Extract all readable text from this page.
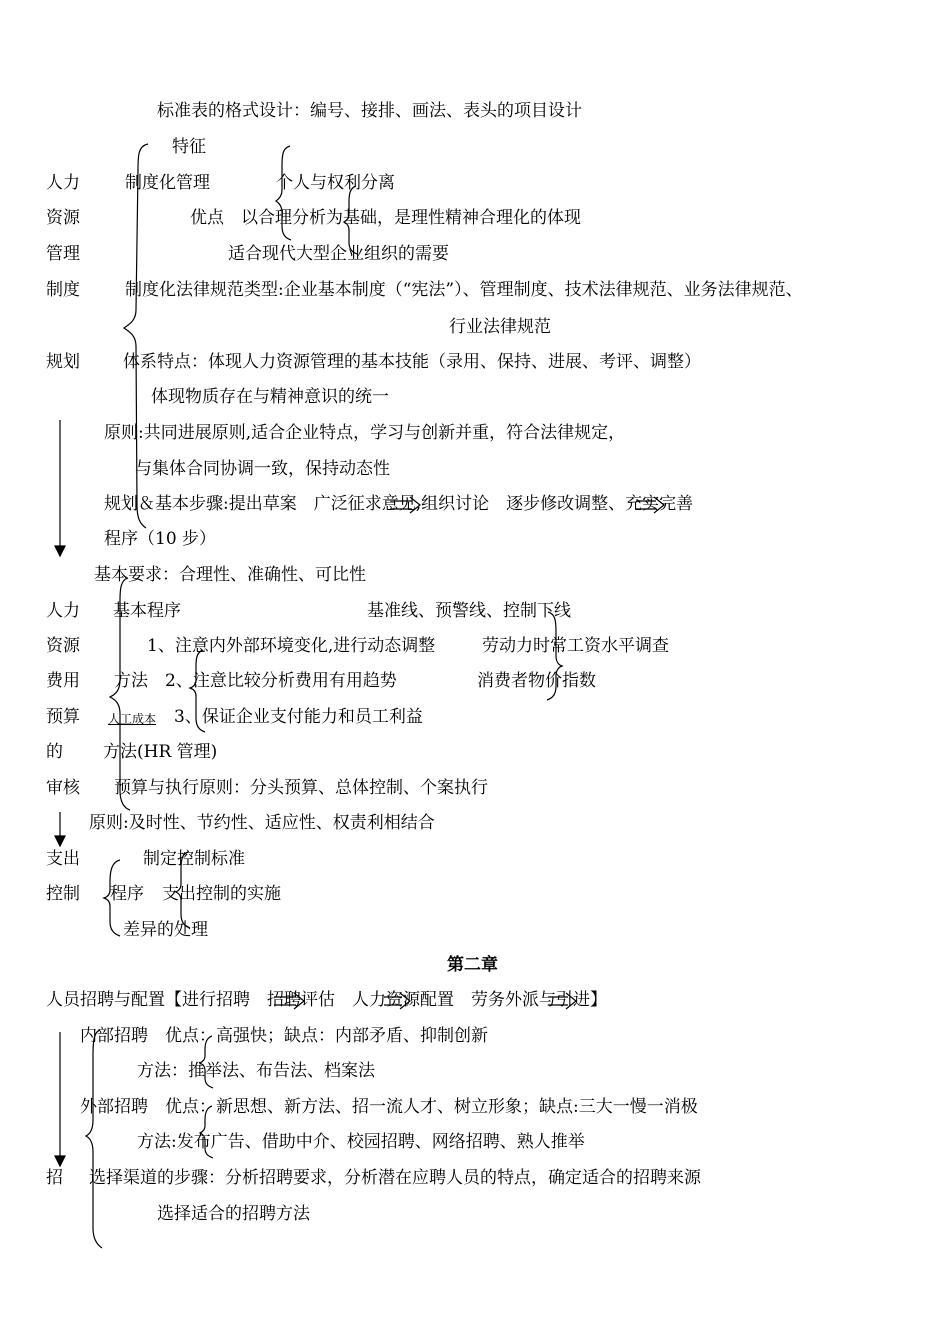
标准表的格式设计：编号、接排、画法、表头的项目设计
特征
人力
资源
管理
制度
规划
制度化管理	个人与权利分离
优点　以合理分析为基础，是理性精神合理化的体现
适合现代大型企业组织的需要
制度化法律规范类型:企业基本制度（“宪法”）、管理制度、技术法律规范、业务法律规范、
行业法律规范
体系特点：体现人力资源管理的基本技能（录用、保持、进展、考评、调整）
体现物质存在与精神意识的统一
原则:共同进展原则,适合企业特点，学习与创新并重，符合法律规定，
与集体合同协调一致，保持动态性
规划＆基本步骤:提出草案　广泛征求意见,组织讨论　逐步修改调整、充实完善
程序（10 步）
基本要求：合理性、准确性、可比性
人力
资源
费用
预算
的
审核
基本程序	基准线、预警线、控制下线
1、注意内外部环境变化,进行动态调整	劳动力时常工资水平调查
方法 2、注意比较分析费用有用趋势	消费者物价指数
人工成本 3、保证企业支付能力和员工利益
方法(HR 管理)
预算与执行原则：分头预算、总体控制、个案执行
原则:及时性、节约性、适应性、权责利相结合
支出
控制
制定控制标准
程序 支出控制的实施
差异的处理
第二章
人员招聘与配置【进行招聘　招聘评估　人力资源配置　劳务外派与引进】
内部招聘　优点：高强快；缺点：内部矛盾、抑制创新
方法：推举法、布告法、档案法
外部招聘　优点：新思想、新方法、招一流人才、树立形象；缺点:三大一慢一消极
方法:发布广告、借助中介、校园招聘、网络招聘、熟人推举
招 选择渠道的步骤：分析招聘要求，分析潜在应聘人员的特点，确定适合的招聘来源
选择适合的招聘方法
